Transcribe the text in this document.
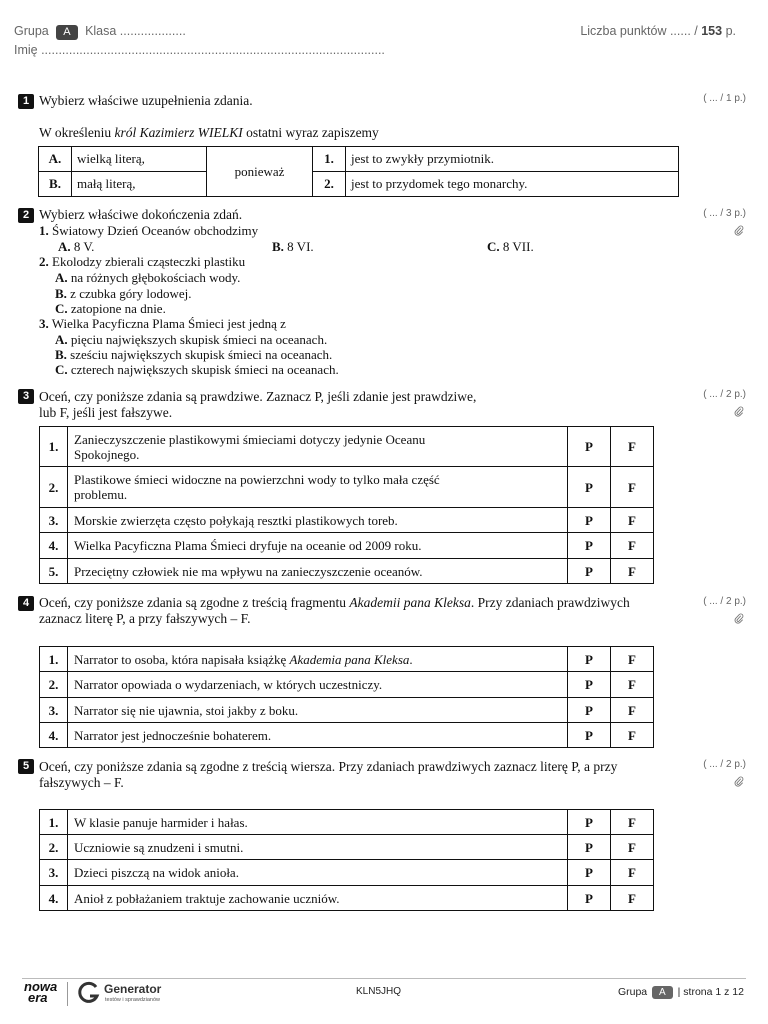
Grupa A Klasa ...................	Liczba punktów ...... / 153 p.
Imię ...................................................................................................
1 Wybierz właściwe uzupełnienia zdania.	( ... / 1 p.)
W określeniu król Kazimierz WIELKI ostatni wyraz zapiszemy
A.	wielką literą,	ponieważ	1.	jest to zwykły przymiotnik.
B.	małą literą,		2.	jest to przydomek tego monarchy.
2 Wybierz właściwe dokończenia zdań.	( ... / 3 p.)
1. Światowy Dzień Oceanów obchodzimy
A. 8 V.	B. 8 VI.	C. 8 VII.
2. Ekolodzy zbierali cząsteczki plastiku
A. na różnych głębokościach wody.
B. z czubka góry lodowej.
C. zatopione na dnie.
3. Wielka Pacyficzna Plama Śmieci jest jedną z
A. pięciu największych skupisk śmieci na oceanach.
B. sześciu największych skupisk śmieci na oceanach.
C. czterech największych skupisk śmieci na oceanach.
3 Oceń, czy poniższe zdania są prawdziwe. Zaznacz P, jeśli zdanie jest prawdziwe,
lub F, jeśli jest fałszywe.
( ... / 2 p.)
1.	Zanieczyszczenie plastikowymi śmieciami dotyczy jedynie Oceanu
Spokojnego.	P	F
2.	Plastikowe śmieci widoczne na powierzchni wody to tylko mała część
problemu.	P	F
3.	Morskie zwierzęta często połykają resztki plastikowych toreb.	P	F
4.	Wielka Pacyficzna Plama Śmieci dryfuje na oceanie od 2009 roku.	P	F
5.	Przeciętny człowiek nie ma wpływu na zanieczyszczenie oceanów.	P	F
4 Oceń, czy poniższe zdania są zgodne z treścią fragmentu Akademii pana Kleksa. Przy zdaniach prawdziwych
zaznacz literę P, a przy fałszywych – F.
( ... / 2 p.)
1.	Narrator to osoba, która napisała książkę Akademia pana Kleksa.	P	F
2.	Narrator opowiada o wydarzeniach, w których uczestniczy.	P	F
3.	Narrator się nie ujawnia, stoi jakby z boku.	P	F
4.	Narrator jest jednocześnie bohaterem.	P	F
5 Oceń, czy poniższe zdania są zgodne z treścią wiersza. Przy zdaniach prawdziwych zaznacz literę P, a przy
fałszywych – F.
( ... / 2 p.)
1.	W klasie panuje harmider i hałas.	P	F
2.	Uczniowie są znudzeni i smutni.	P	F
3.	Dzieci piszczą na widok anioła.	P	F
4.	Anioł z pobłażaniem traktuje zachowanie uczniów.	P	F
nowa
era
Generator
testów i sprawdzianów
KLN5JHQ	Grupa A | strona 1 z 12
